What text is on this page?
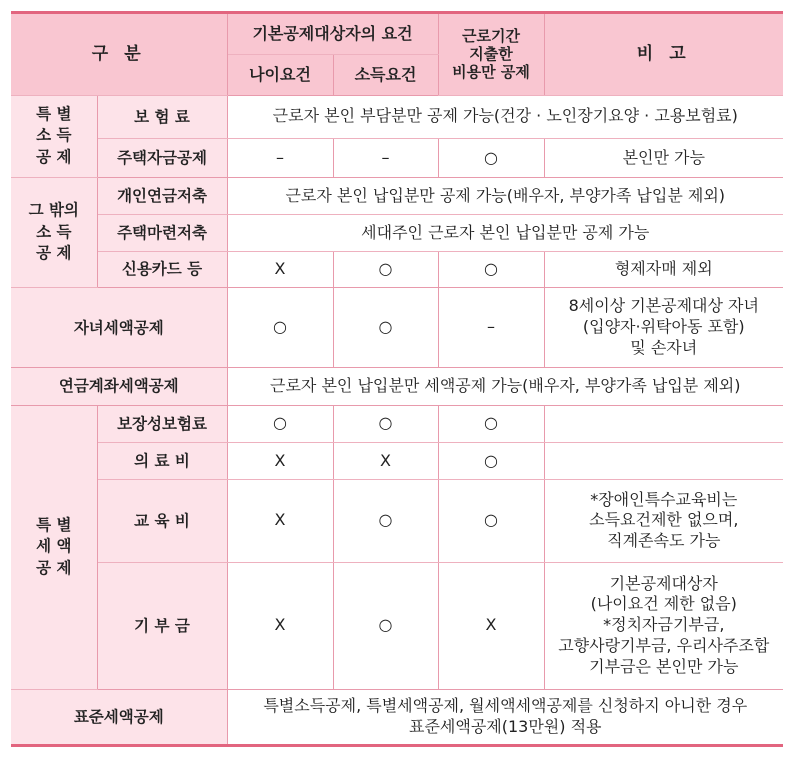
구 분		기본공제대상자의 요건		근로기간
지출한
비용만 공제	비 고
		나이요건	소득요건		
특 별
소 득
공 제	보 험 료	근로자 본인 부담분만 공제 가능(건강 · 노인장기요양 · 고용보험료)			
	주택자금공제	–	–	○	본인만 가능
그 밖의
소 득
공 제	개인연금저축	근로자 본인 납입분만 공제 가능(배우자, 부양가족 납입분 제외)			
	주택마련저축	세대주인 근로자 본인 납입분만 공제 가능			
	신용카드 등	X	○	○	형제자매 제외
자녀세액공제		○	○	–	8세이상 기본공제대상 자녀
(입양자·위탁아동 포함)
및 손자녀
연금계좌세액공제		근로자 본인 납입분만 세액공제 가능(배우자, 부양가족 납입분 제외)			
특 별
세 액
공 제	보장성보험료	○	○	○	
	의 료 비	X	X	○	
	교 육 비	X	○	○	*장애인특수교육비는
소득요건제한 없으며,
직계존속도 가능
	기 부 금	X	○	X	기본공제대상자
(나이요건 제한 없음)
*정치자금기부금,
고향사랑기부금, 우리사주조합
기부금은 본인만 가능
표준세액공제		특별소득공제, 특별세액공제, 월세액세액공제를 신청하지 아니한 경우
표준세액공제(13만원) 적용			
